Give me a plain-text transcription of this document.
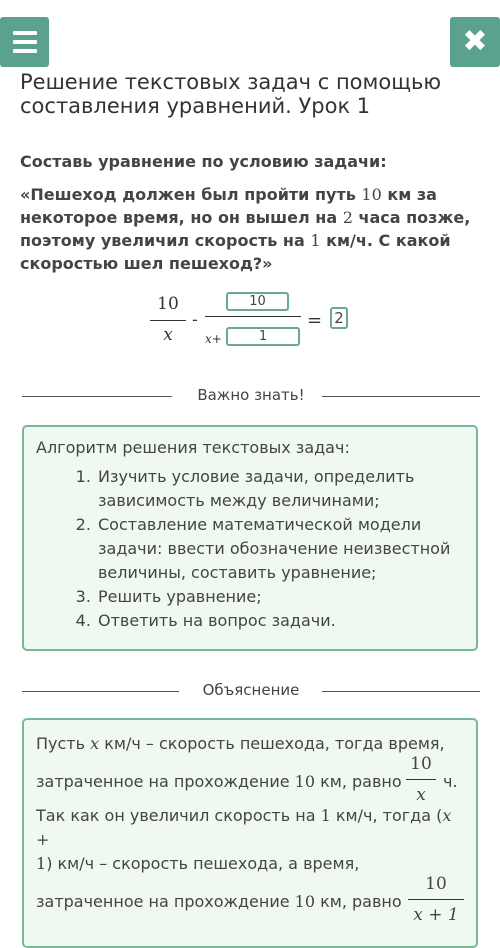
✖
Решение текстовых задач с помощью составления уравнений. Урок 1
Составь уравнение по условию задачи:
«Пешеход должен был пройти путь 10 км за некоторое время, но он вышел на 2 часа позже, поэтому увеличил скорость на 1 км/ч. С какой скоростью шел пешеход?»
10
x
-
10
x+	1
= 2
Важно знать!
Алгоритм решения текстовых задач:
1. Изучить условие задачи, определить зависимость между величинами;
2. Составление математической модели задачи: ввести обозначение неизвестной величины, составить уравнение;
3. Решить уравнение;
4. Ответить на вопрос задачи.
Объяснение
Пусть x км/ч – скорость пешехода, тогда время,
затраченное на прохождение 10 км, равно
10
x
ч.
Так как он увеличил скорость на 1 км/ч, тогда (x +
1) км/ч – скорость пешехода, а время,
затраченное на прохождение 10 км, равно
10
x + 1
